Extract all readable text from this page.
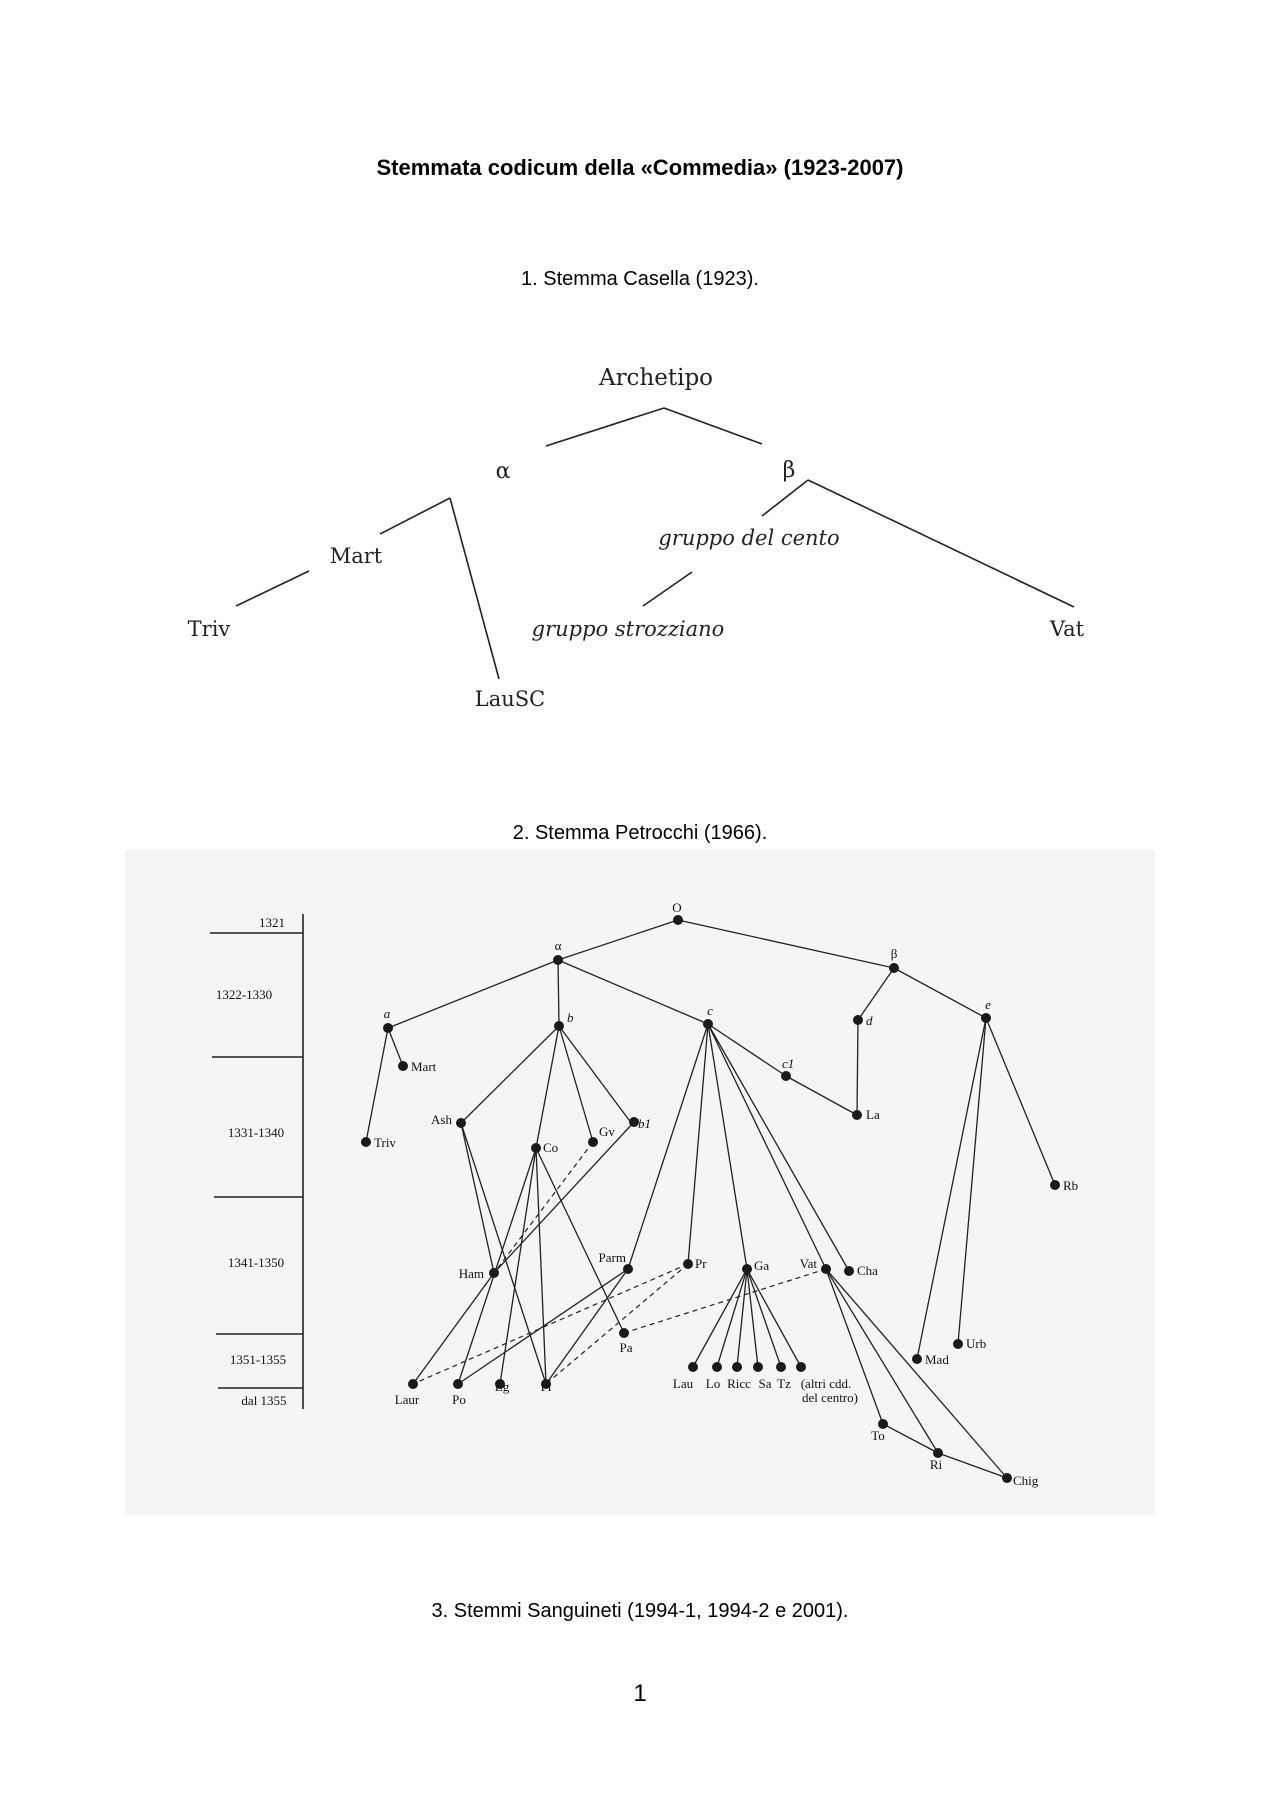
Stemmata codicum della «Commedia» (1923-2007)
1. Stemma Casella (1923).
2. Stemma Petrocchi (1966).
3. Stemmi Sanguineti (1994-1, 1994-2 e 2001).
1
Archetipo
α	β
Mart
Triv
LauSC
gruppo del cento
gruppo strozziano	Vat
1321
1322-1330
1331-1340
1341-1350
1351-1355
dal 1355
O
α
β
a	b	c
d
e
c1
Mart
Triv
Ash
Co
Gv
b1
La
Rb
Ham
Parm	Pr	Ga Vat	Cha
Pa
Mad
Urb
Laur	Po
Eg Fi	Lau Lo Ricc Sa Tz (altri cdd.
del centro)
To
Ri
Chig
